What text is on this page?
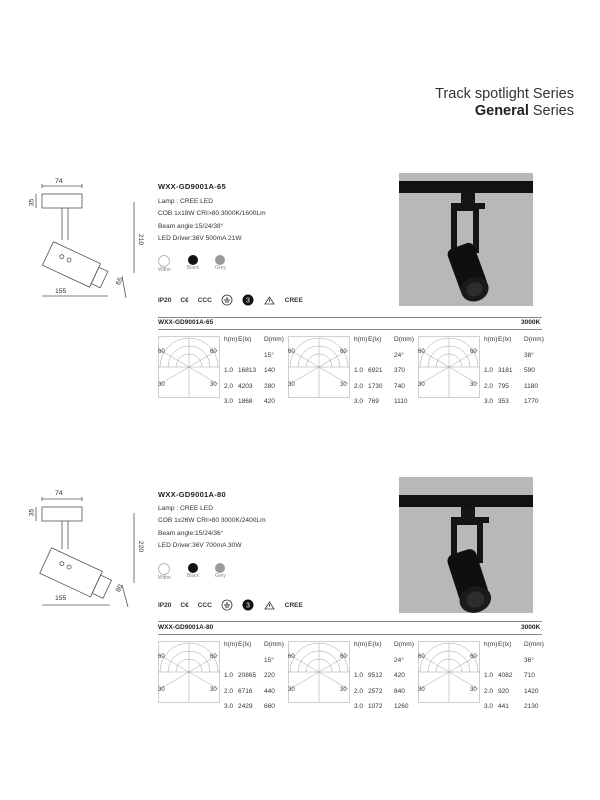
Track spotlight Series
General Series
74
35
210
155
65
WXX-GD9001A-65
Lamp : CREE LED
COB 1x18W CRI>80 3000K/1600Lm
Beam angle:15/24/38°
LED Driver:36V 500mA 21W
Withe	Black	Grey
IP20 C€ CCC	3	CREE
WXX-GD9001A-65	3000K
60	60
30	30
h(m) E(lx)	D(mm)
15°
1.0 16813	140
2.0 4203	280
3.0 1868	420
60	60
30	30
h(m) E(lx)	D(mm)
24°
1.0 6921	370
2.0 1730	740
3.0 769	1110
60	60
30	30
h(m) E(lx)	D(mm)
38°
1.0 3181	590
2.0 795	1180
3.0 353	1770
74
35
220
155
80
WXX-GD9001A-80
Lamp : CREE LED
COB 1x26W CRI>80 3000K/2400Lm
Beam angle:15/24/36°
LED Driver:36V 700mA 30W
Withe	Black	Grey
IP20 C€ CCC	3	CREE
WXX-GD9001A-80	3000K
60	60
30	30
h(m) E(lx)	D(mm)
15°
1.0 20865	220
2.0 6716	440
3.0 2429	660
60	60
30	30
h(m) E(lx)	D(mm)
24°
1.0 9512	420
2.0 2572	840
3.0 1072	1260
60	60
30	30
h(m) E(lx)	D(mm)
36°
1.0 4082	710
2.0 920	1420
3.0 441	2130
